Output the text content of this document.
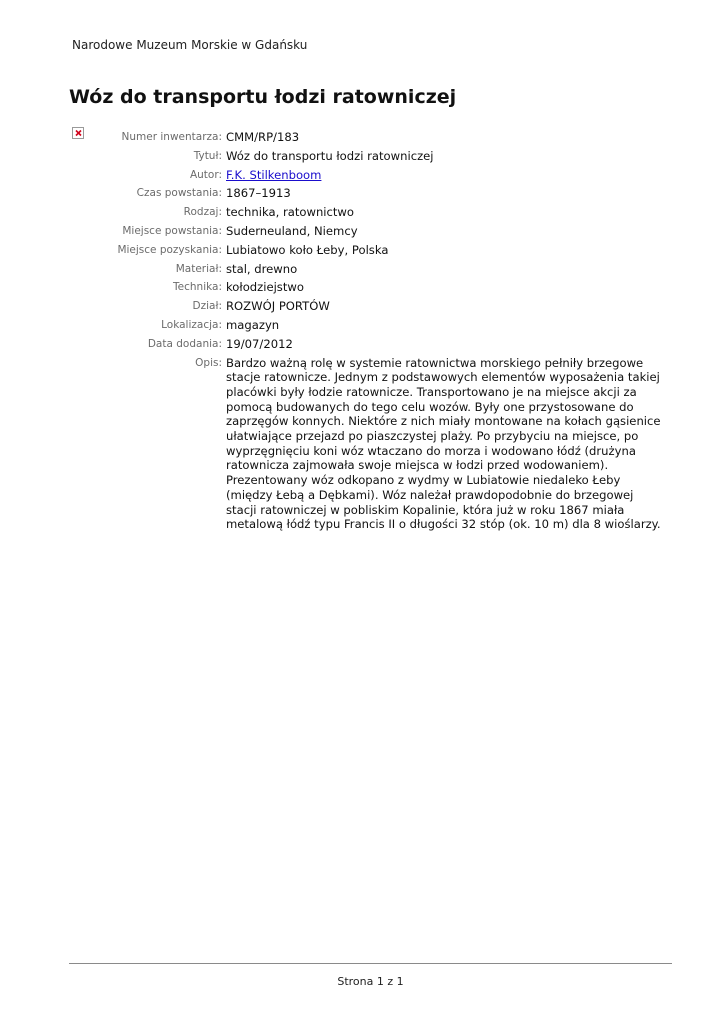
Narodowe Muzeum Morskie w Gdańsku
Wóz do transportu łodzi ratowniczej
Numer inwentarza: CMM/RP/183
Tytuł: Wóz do transportu łodzi ratowniczej
Autor: F.K. Stilkenboom
Czas powstania: 1867–1913
Rodzaj: technika, ratownictwo
Miejsce powstania: Suderneuland, Niemcy
Miejsce pozyskania: Lubiatowo koło Łeby, Polska
Materiał: stal, drewno
Technika: kołodziejstwo
Dział: ROZWÓJ PORTÓW
Lokalizacja: magazyn
Data dodania: 19/07/2012
Opis: Bardzo ważną rolę w systemie ratownictwa morskiego pełniły brzegowe stacje ratownicze. Jednym z podstawowych elementów wyposażenia takiej placówki były łodzie ratownicze. Transportowano je na miejsce akcji za pomocą budowanych do tego celu wozów. Były one przystosowane do zaprzęgów konnych. Niektóre z nich miały montowane na kołach gąsienice ułatwiające przejazd po piaszczystej plaży. Po przybyciu na miejsce, po wyprzęgnięciu koni wóz wtaczano do morza i wodowano łódź (drużyna ratownicza zajmowała swoje miejsca w łodzi przed wodowaniem). Prezentowany wóz odkopano z wydmy w Lubiatowie niedaleko Łeby (między Łebą a Dębkami). Wóz należał prawdopodobnie do brzegowej stacji ratowniczej w pobliskim Kopalinie, która już w roku 1867 miała metalową łódź typu Francis II o długości 32 stóp (ok. 10 m) dla 8 wioślarzy.
Strona 1 z 1
